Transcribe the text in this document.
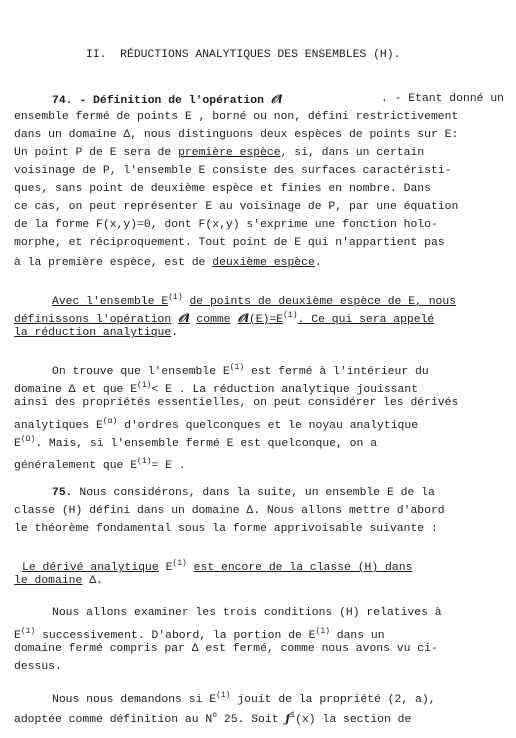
II.  RÉDUCTIONS ANALYTIQUES DES ENSEMBLES (H).
74. - Définition de l'opération 𝒪l	. - Etant donné un
ensemble fermé de points E , borné ou non, défini restrictivement
dans un domaine Δ, nous distinguons deux espèces de points sur E:
Un point P de E sera de première espèce, si, dans un certain
voisinage de P, l'ensemble E consiste des surfaces caractéristi-
ques, sans point de deuxième espèce et finies en nombre. Dans
ce cas, on peut représenter E au voisinage de P, par une équation
de la forme F(x,y)=0, dont F(x,y) s'exprime une fonction holo-
morphe, et réciproquement. Tout point de E qui n'appartient pas
à la première espèce, est de deuxième espèce.
Avec l'ensemble $E^{(1)}$ de points de deuxième espèce de E, nous
définissons l'opération 𝒪l comme $𝒪l(E)=E^{(1)}$. Ce qui sera appelé
la réduction analytique.
On trouve que l'ensemble $E^{(1)}$ est fermé à l'intérieur du
domaine Δ et que $E^{(1)}< E$ . La réduction analytique jouissant
ainsi des propriétés essentielles, on peut considérer les dérivés
analytiques $E^{(\alpha)}$ d'ordres quelconques et le noyau analytique
$E^{(\Omega)}$. Mais, si l'ensemble fermé E est quelconque, on a
généralement que $E^{(1)}= E$ .
75. Nous considérons, dans la suite, un ensemble E de la
classe (H) défini dans un domaine Δ. Nous allons mettre d'abord
le théorème fondamental sous la forme apprivoisable suivante :
Le dérivé analytique $E^{(1)}$ est encore de la classe (H) dans
le domaine Δ.
Nous allons examiner les trois conditions (H) relatives à
$E^{(1)}$ successivement. D'abord, la portion de $E^{(1)}$ dans un
domaine fermé compris par Δ est fermé, comme nous avons vu ci-
dessus.
Nous nous demandons si $E^{(1)}$ jouit de la propriété (2, a),
adoptée comme définition au $N^o$ 25. Soit $ƒ^1(x)$ la section de
